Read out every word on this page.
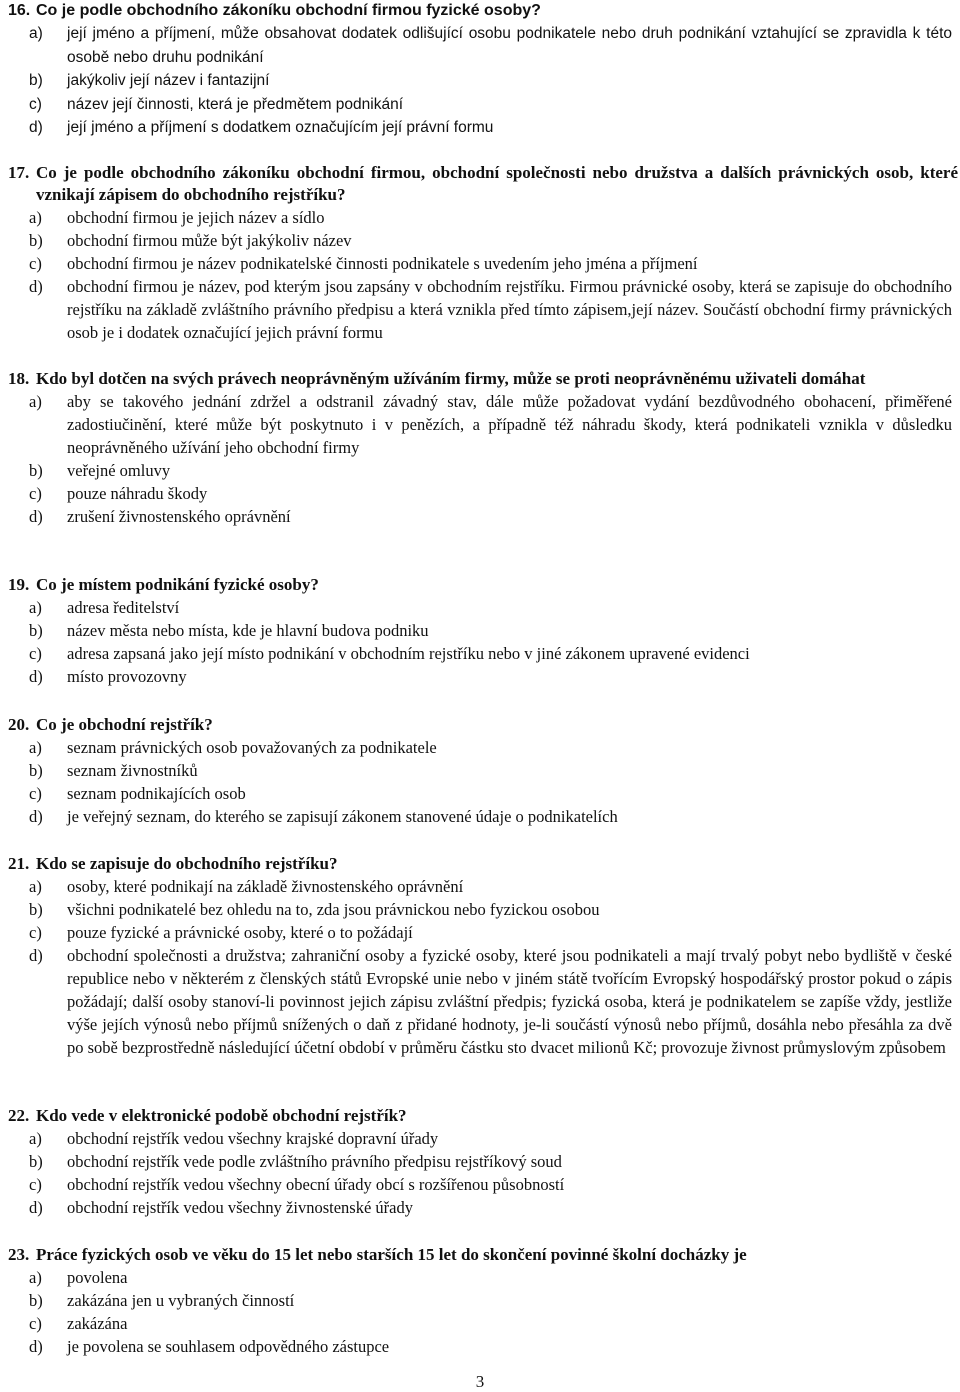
16. Co je podle obchodního zákoníku obchodní firmou fyzické osoby?
a)	její jméno a příjmení, může obsahovat dodatek odlišující osobu podnikatele nebo druh podnikání vztahující se zpravidla k této osobě nebo druhu podnikání
b)	jakýkoliv její název i fantazijní
c)	název její činnosti, která je předmětem podnikání
d)	její jméno a příjmení s dodatkem označujícím její právní formu
17. Co je podle obchodního zákoníku obchodní firmou, obchodní společnosti nebo družstva a dalších právnických osob, které vznikají zápisem do obchodního rejstříku?
a)	obchodní firmou je jejich název a sídlo
b)	obchodní firmou může být jakýkoliv název
c)	obchodní firmou je název podnikatelské činnosti podnikatele s uvedením jeho jména a příjmení
d)	obchodní firmou je název, pod kterým jsou zapsány v obchodním rejstříku. Firmou právnické osoby, která se zapisuje do obchodního rejstříku na základě zvláštního právního předpisu a která vznikla před tímto zápisem,její název. Součástí obchodní firmy právnických osob je i dodatek označující jejich právní formu
18. Kdo byl dotčen na svých právech neoprávněným užíváním firmy, může se proti neoprávněnému uživateli domáhat
a)	aby se takového jednání zdržel a odstranil závadný stav, dále může požadovat vydání bezdůvodného obohacení, přiměřené zadostiučinění, které může být poskytnuto i v penězích, a případně též náhradu škody, která podnikateli vznikla v důsledku neoprávněného užívání jeho obchodní firmy
b)	veřejné omluvy
c)	pouze náhradu škody
d)	zrušení živnostenského oprávnění
19. Co je místem podnikání fyzické osoby?
a)	adresa ředitelství
b)	název města nebo místa, kde je hlavní budova podniku
c)	adresa zapsaná jako její místo podnikání v obchodním rejstříku nebo v jiné zákonem upravené evidenci
d)	místo provozovny
20. Co je obchodní rejstřík?
a)	seznam právnických osob považovaných za podnikatele
b)	seznam živnostníků
c)	seznam podnikajících osob
d)	je veřejný seznam, do kterého se zapisují zákonem stanovené údaje o podnikatelích
21. Kdo se zapisuje do obchodního rejstříku?
a)	osoby, které podnikají na základě živnostenského oprávnění
b)	všichni podnikatelé bez ohledu na to, zda jsou právnickou nebo fyzickou osobou
c)	pouze fyzické a právnické osoby, které o to požádají
d)	obchodní společnosti a družstva; zahraniční osoby a fyzické osoby, které jsou podnikateli a mají trvalý pobyt nebo bydliště v české republice nebo v některém z členských států Evropské unie nebo v jiném státě tvořícím Evropský hospodářský prostor pokud o zápis požádají; další osoby stanoví-li povinnost jejich zápisu zvláštní předpis; fyzická osoba, která je podnikatelem se zapíše vždy, jestliže výše jejích výnosů nebo příjmů snížených o daň z přidané hodnoty, je-li součástí výnosů nebo příjmů, dosáhla nebo přesáhla za dvě po sobě bezprostředně následující účetní období v průměru částku sto dvacet milionů Kč; provozuje živnost průmyslovým způsobem
22. Kdo vede v elektronické podobě obchodní rejstřík?
a)	obchodní rejstřík vedou všechny krajské dopravní úřady
b)	obchodní rejstřík vede podle zvláštního právního předpisu rejstříkový soud
c)	obchodní rejstřík vedou všechny obecní úřady obcí s rozšířenou působností
d)	obchodní rejstřík vedou všechny živnostenské úřady
23. Práce fyzických osob ve věku do 15 let nebo starších 15 let do skončení povinné školní docházky je
a)	povolena
b)	zakázána jen u vybraných činností
c)	zakázána
d)	je povolena se souhlasem odpovědného zástupce
3
